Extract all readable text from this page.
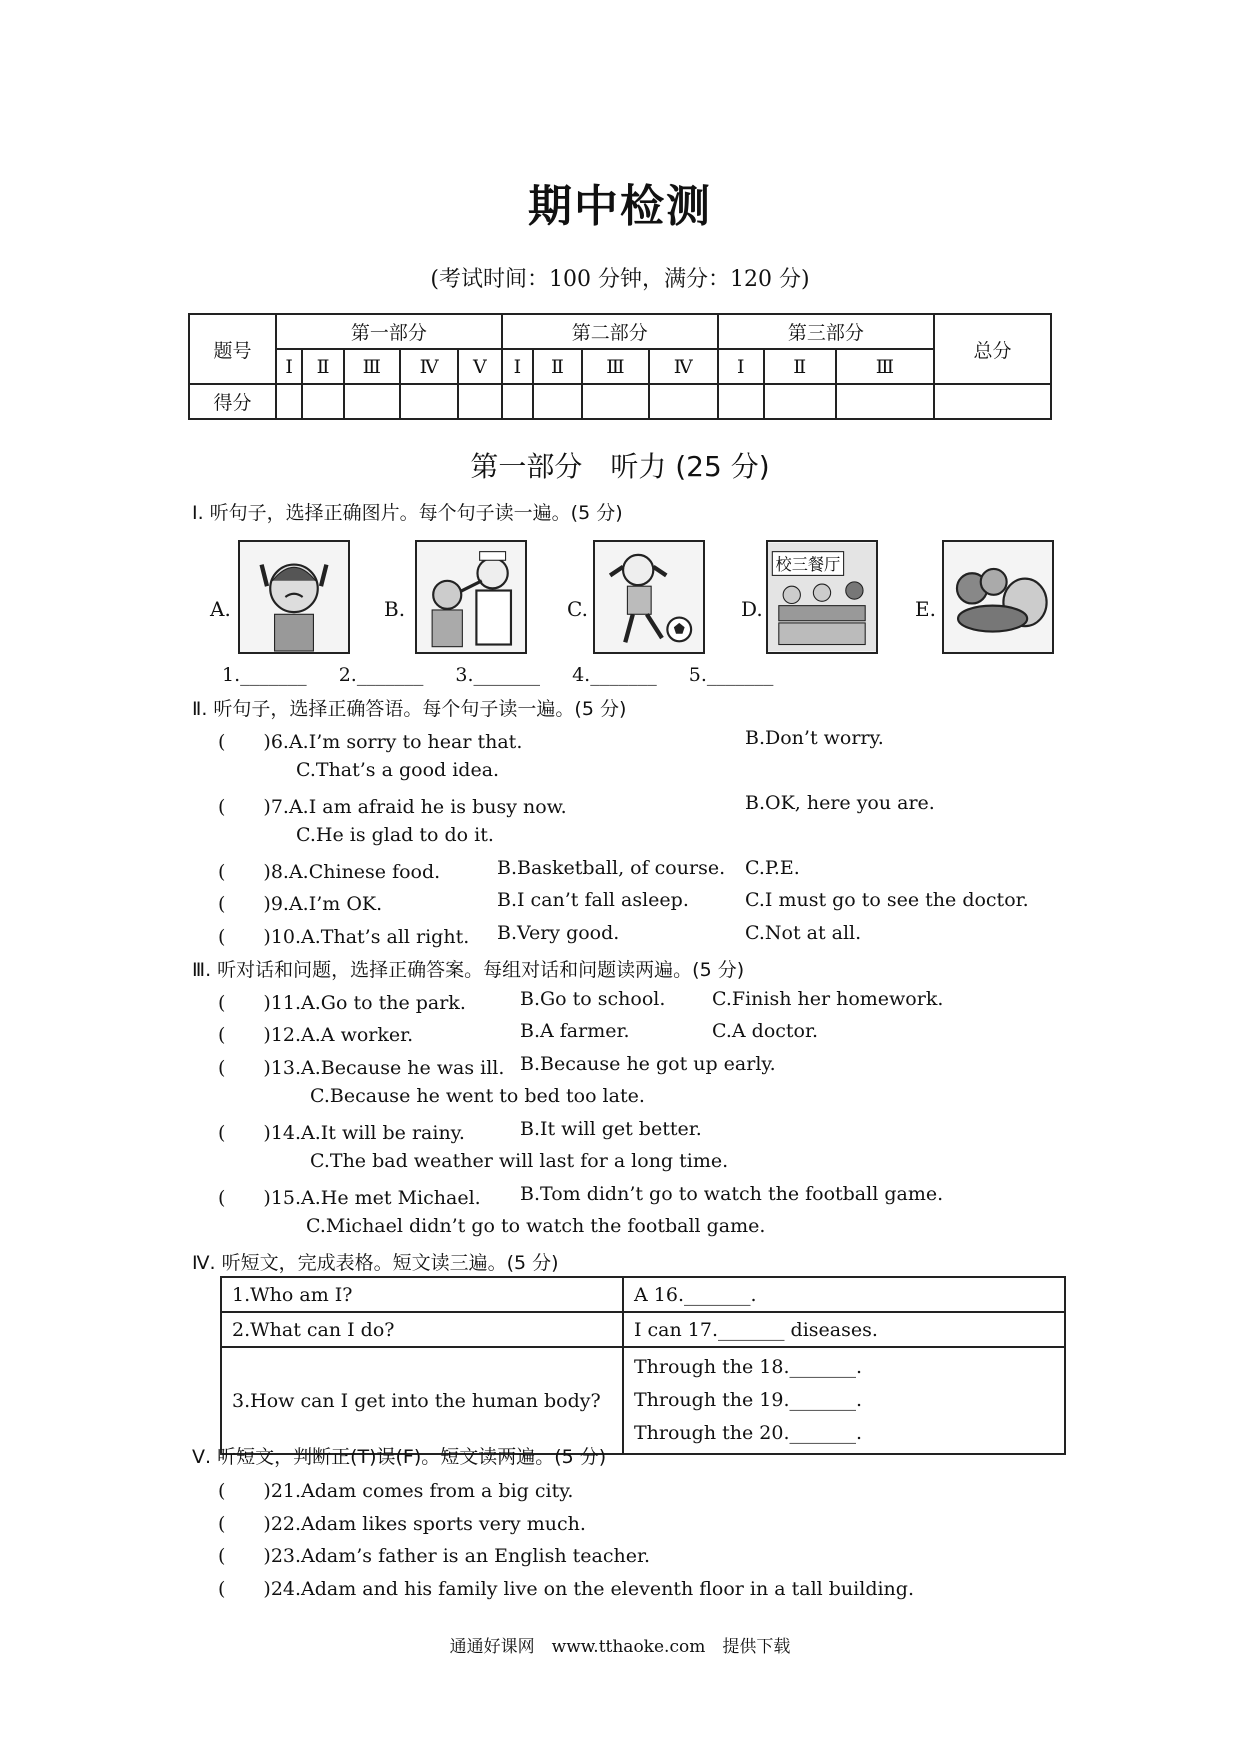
期中检测
(考试时间：100 分钟，满分：120 分)
题号	第一部分					第二部分				第三部分			总分
	Ⅰ	Ⅱ	Ⅲ	Ⅳ	Ⅴ	Ⅰ	Ⅱ	Ⅲ	Ⅳ	Ⅰ	Ⅱ	Ⅲ	
得分													
第一部分　听力 (25 分)
Ⅰ. 听句子，选择正确图片。每个句子读一遍。(5 分)
A.	B.	C.	D.
校三餐厅
E.
1._______ 2._______ 3._______ 4._______ 5._______
Ⅱ. 听句子，选择正确答语。每个句子读一遍。(5 分)
(　　)6.A.I’m sorry to hear that.	B.Don’t worry.
C.That’s a good idea.
(　　)7.A.I am afraid he is busy now.	B.OK, here you are.
C.He is glad to do it.
(　　)8.A.Chinese food.	B.Basketball, of course. C.P.E.
(　　)9.A.I’m OK.	B.I can’t fall asleep.	C.I must go to see the doctor.
(　　)10.A.That’s all right. B.Very good.	C.Not at all.
Ⅲ. 听对话和问题，选择正确答案。每组对话和问题读两遍。(5 分)
(　　)11.A.Go to the park.	B.Go to school. C.Finish her homework.
(　　)12.A.A worker.	B.A farmer.	C.A doctor.
(　　)13.A.Because he was ill. B.Because he got up early.
C.Because he went to bed too late.
(　　)14.A.It will be rainy.	B.It will get better.
C.The bad weather will last for a long time.
(　　)15.A.He met Michael. B.Tom didn’t go to watch the football game.
C.Michael didn’t go to watch the football game.
Ⅳ. 听短文，完成表格。短文读三遍。(5 分)
1.Who am I?	A 16._______.
2.What can I do?	I can 17._______ diseases.
3.How can I get into the human body?	Through the 18._______.
Through the 19._______.
Through the 20._______.
Ⅴ. 听短文，判断正(T)误(F)。短文读两遍。(5 分)
(　　)21.Adam comes from a big city.
(　　)22.Adam likes sports very much.
(　　)23.Adam’s father is an English teacher.
(　　)24.Adam and his family live on the eleventh floor in a tall building.
通通好课网　www.tthaoke.com　提供下载
